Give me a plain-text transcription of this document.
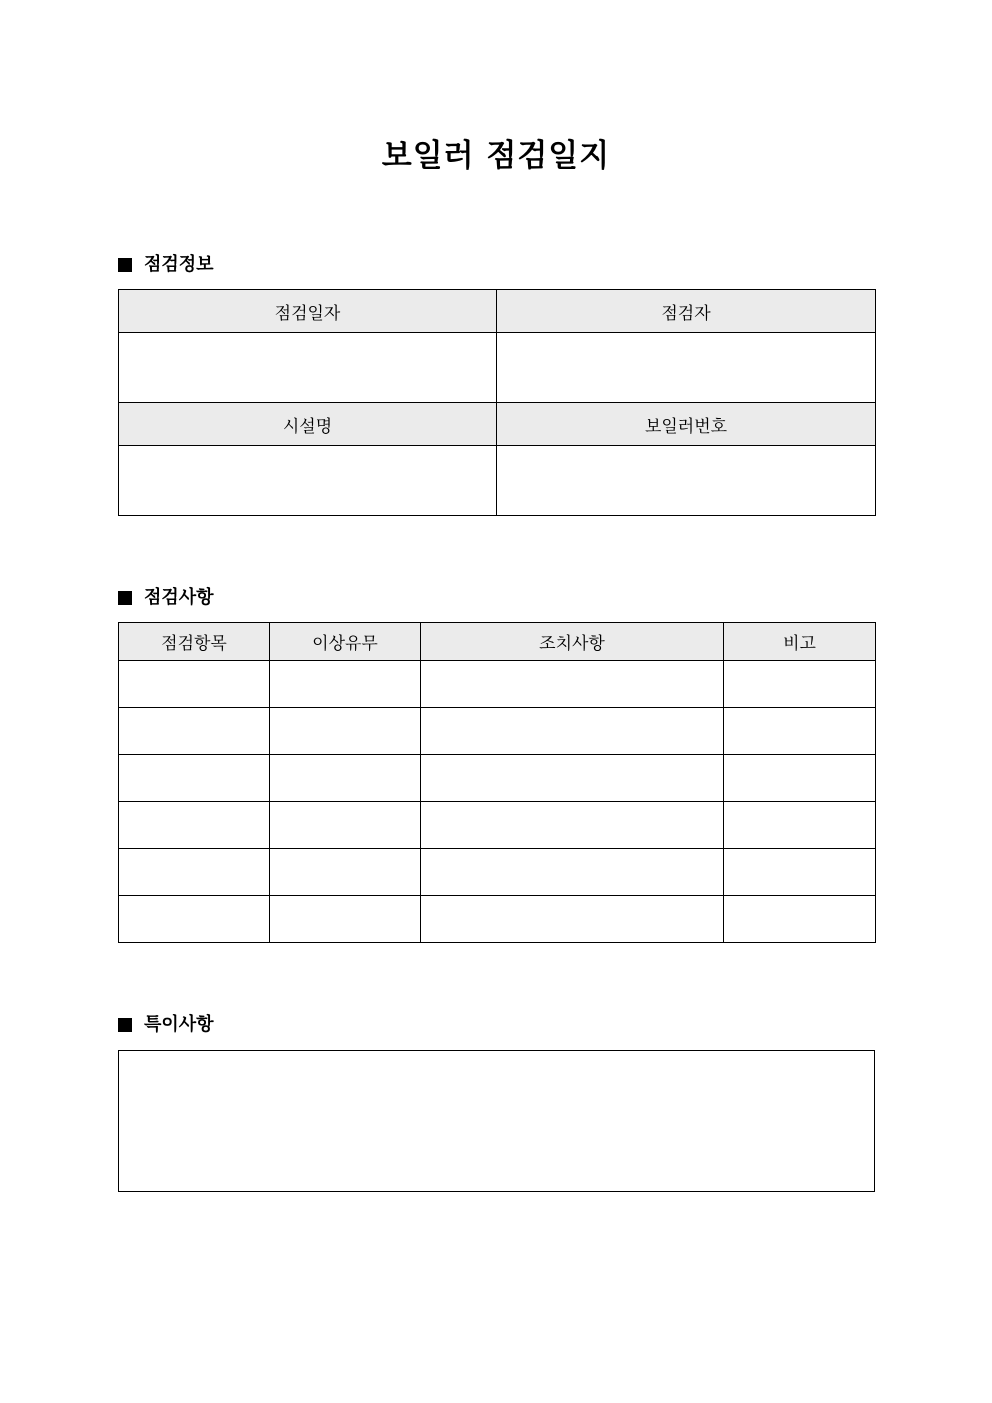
보일러 점검일지
점검정보
점검일자	점검자

시설명	보일러번호

점검사항
점검항목	이상유무	조치사항	비고

특이사항
